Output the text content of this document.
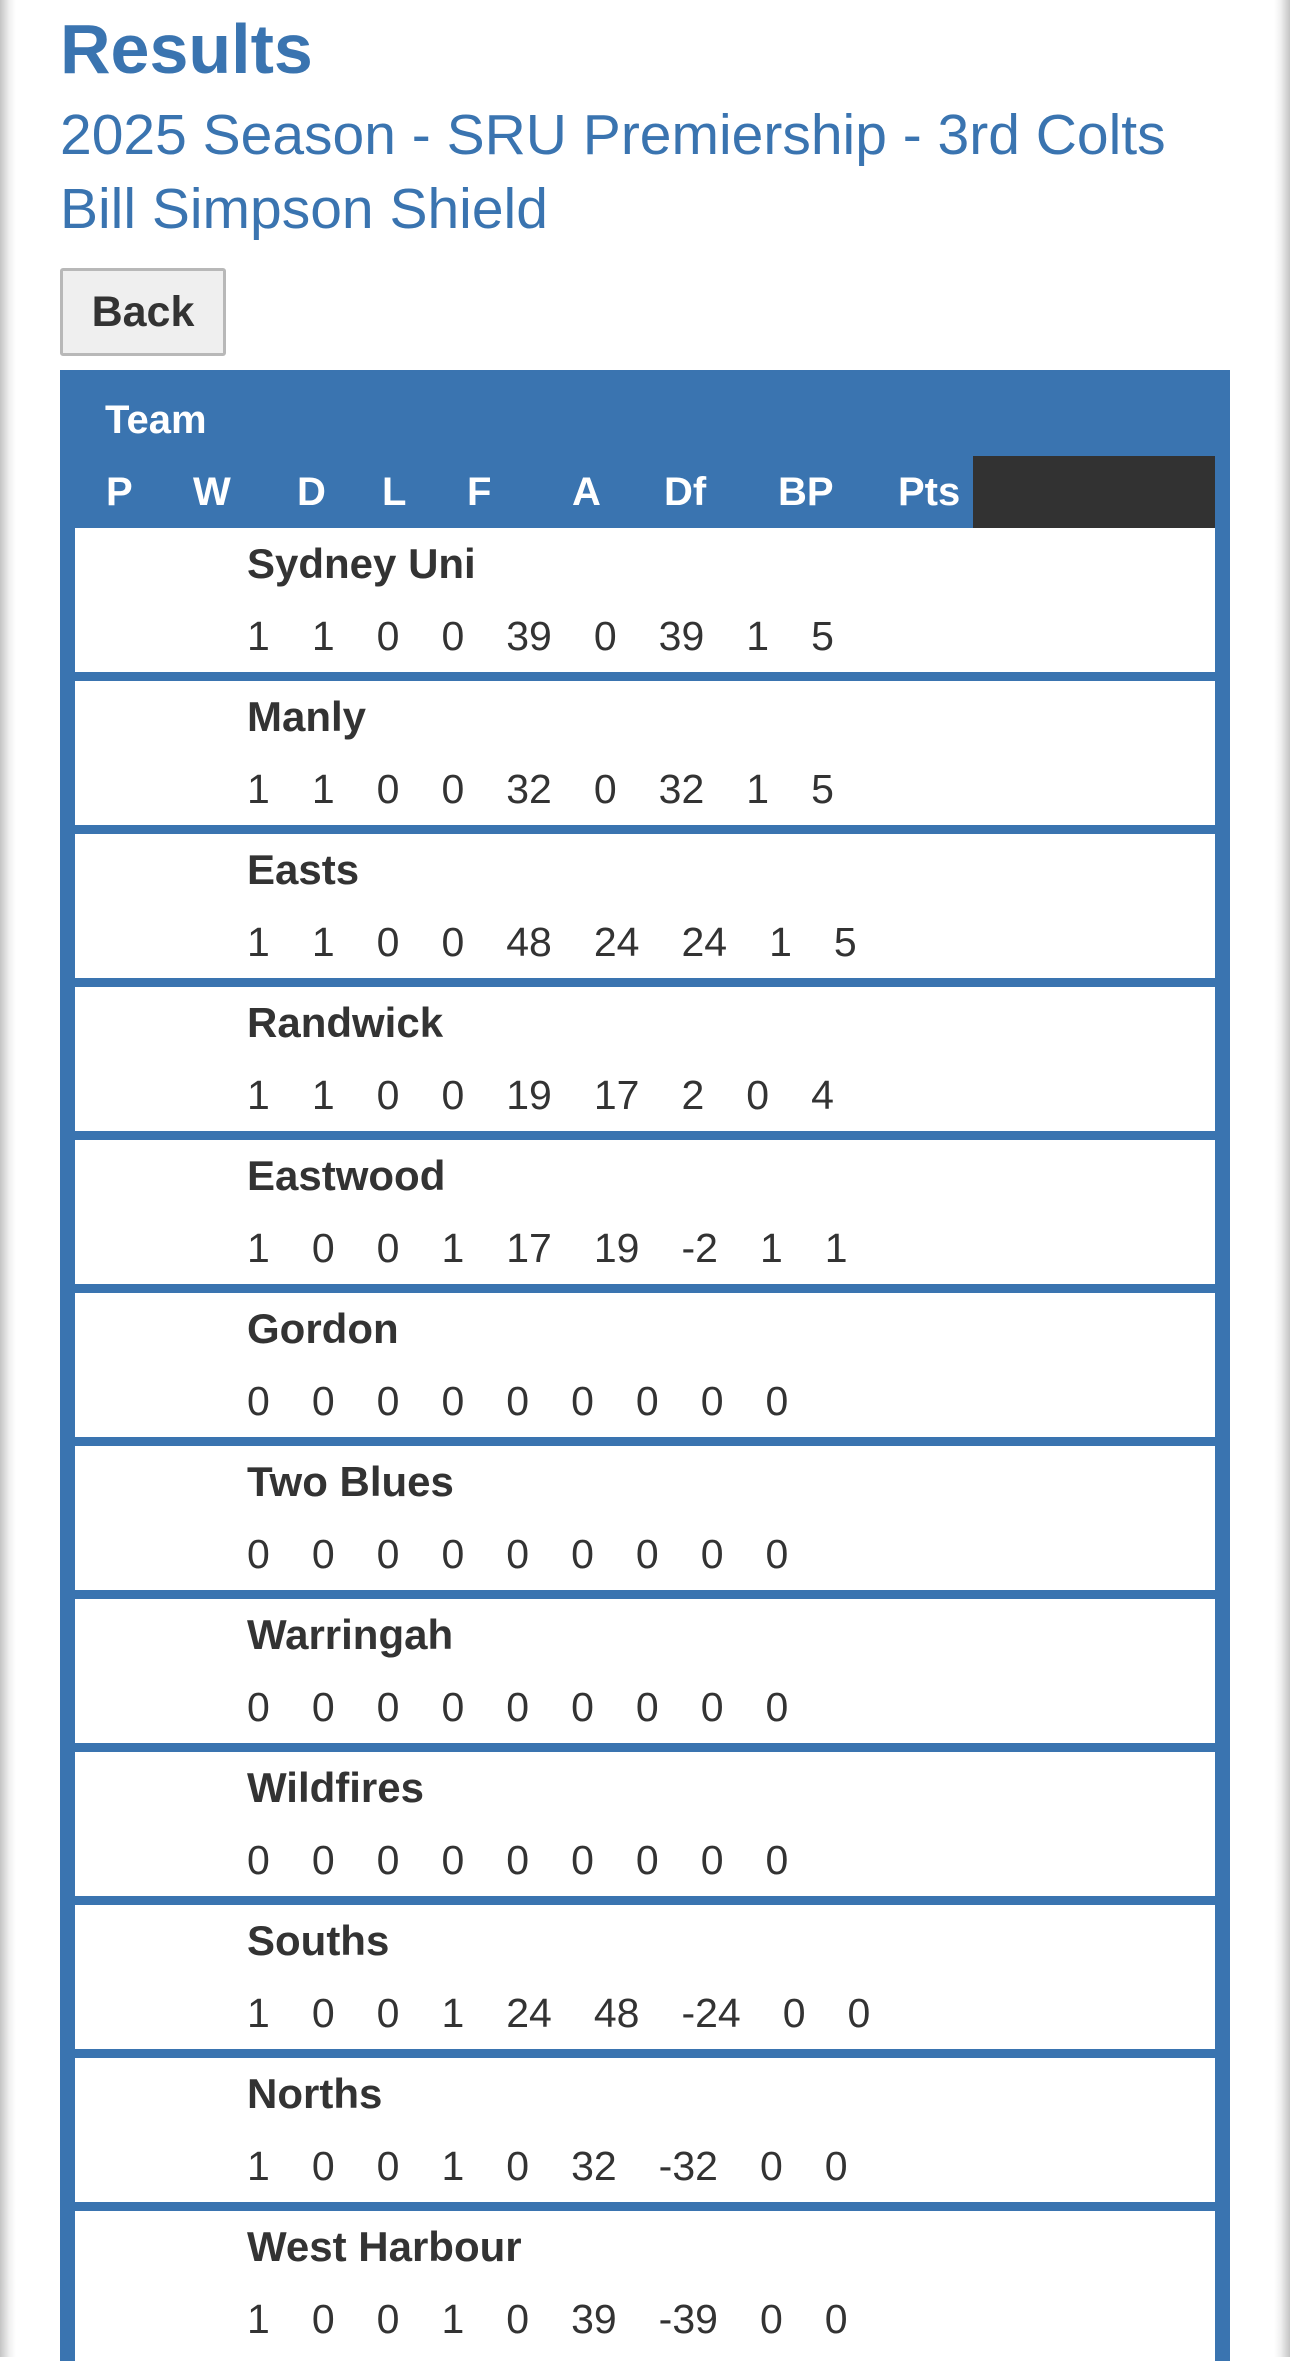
Results
2025 Season - SRU Premiership - 3rd Colts
Bill Simpson Shield
Back
Team
P W D L F A Df BP Pts
Sydney Uni
1 1 0 0 39 0 39 1 5
Manly
1 1 0 0 32 0 32 1 5
Easts
1 1 0 0 48 24 24 1 5
Randwick
1 1 0 0 19 17 2 0 4
Eastwood
1 0 0 1 17 19 -2 1 1
Gordon
0 0 0 0 0 0 0 0 0
Two Blues
0 0 0 0 0 0 0 0 0
Warringah
0 0 0 0 0 0 0 0 0
Wildfires
0 0 0 0 0 0 0 0 0
Souths
1 0 0 1 24 48 -24 0 0
Norths
1 0 0 1 0 32 -32 0 0
West Harbour
1 0 0 1 0 39 -39 0 0
